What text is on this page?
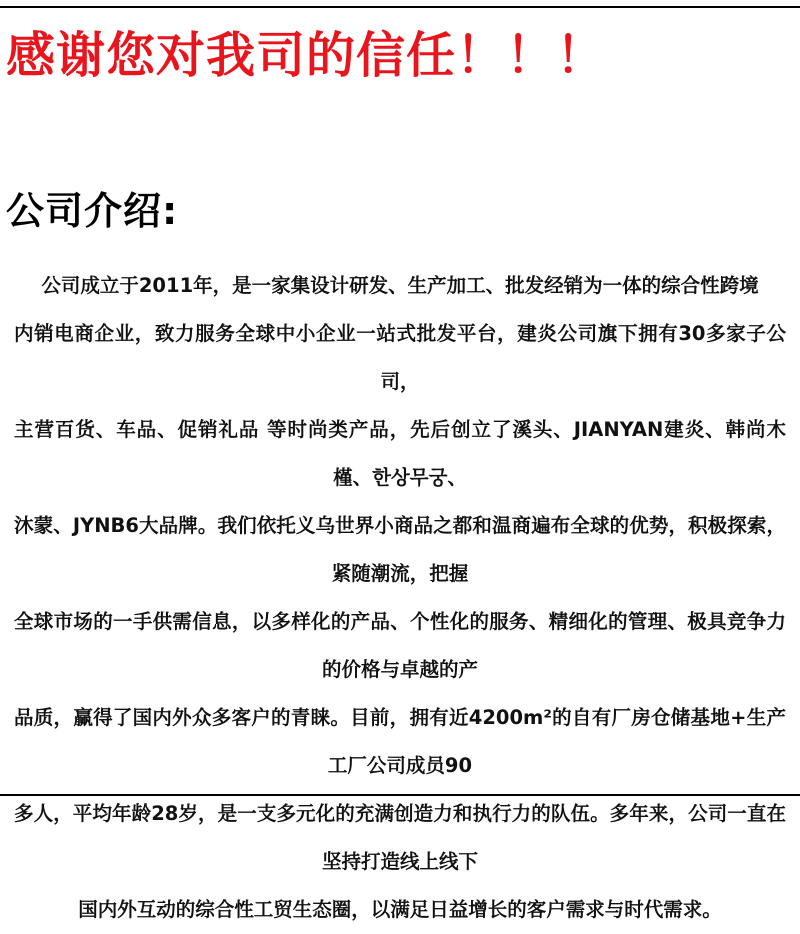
感谢您对我司的信任！！！
公司介绍:

公司成立于2011年，是一家集设计研发、生产加工、批发经销为一体的综合性跨境

内销电商企业，致力服务全球中小企业一站式批发平台，建炎公司旗下拥有30多家子公司，

主营百货、车品、促销礼品 等时尚类产品，先后创立了溪头、JIANYAN建炎、韩尚木槿、한상무궁、

沐蒙、JYNB6大品牌。我们依托义乌世界小商品之都和温商遍布全球的优势，积极探索，紧随潮流，把握

全球市场的一手供需信息，以多样化的产品、个性化的服务、精细化的管理、极具竞争力的价格与卓越的产

品质，赢得了国内外众多客户的青睐。目前，拥有近4200m²的自有厂房仓储基地+生产工厂公司成员90

多人，平均年龄28岁，是一支多元化的充满创造力和执行力的队伍。多年来，公司一直在坚持打造线上线下

国内外互动的综合性工贸生态圈，以满足日益增长的客户需求与时代需求。
